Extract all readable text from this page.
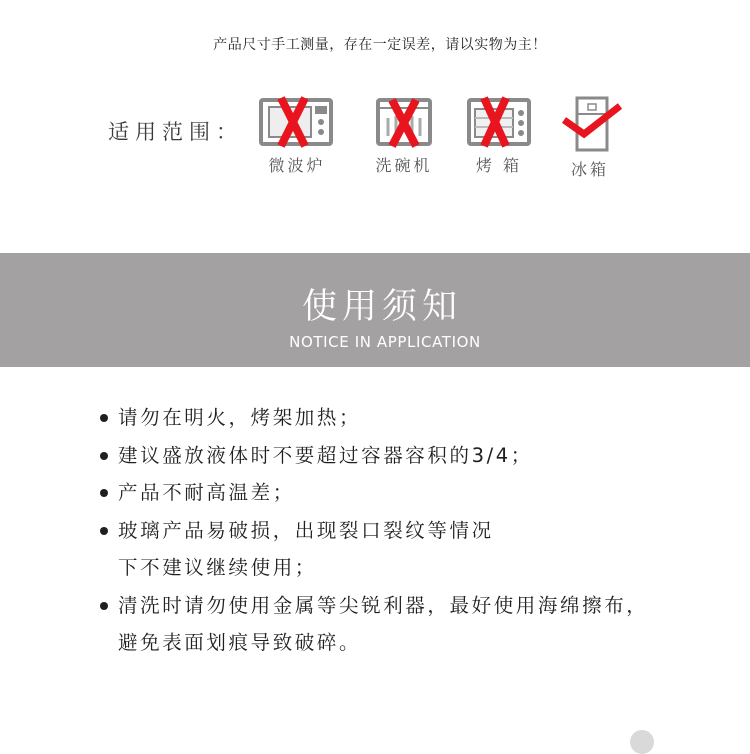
产品尺寸手工测量，存在一定误差，请以实物为主！
适用范围：
微波炉	洗碗机	烤 箱	冰箱
使用须知
NOTICE IN APPLICATION
请勿在明火，烤架加热；
建议盛放液体时不要超过容器容积的3/4；
产品不耐高温差；
玻璃产品易破损，出现裂口裂纹等情况
下不建议继续使用；
清洗时请勿使用金属等尖锐利器，最好使用海绵擦布，
避免表面划痕导致破碎。
